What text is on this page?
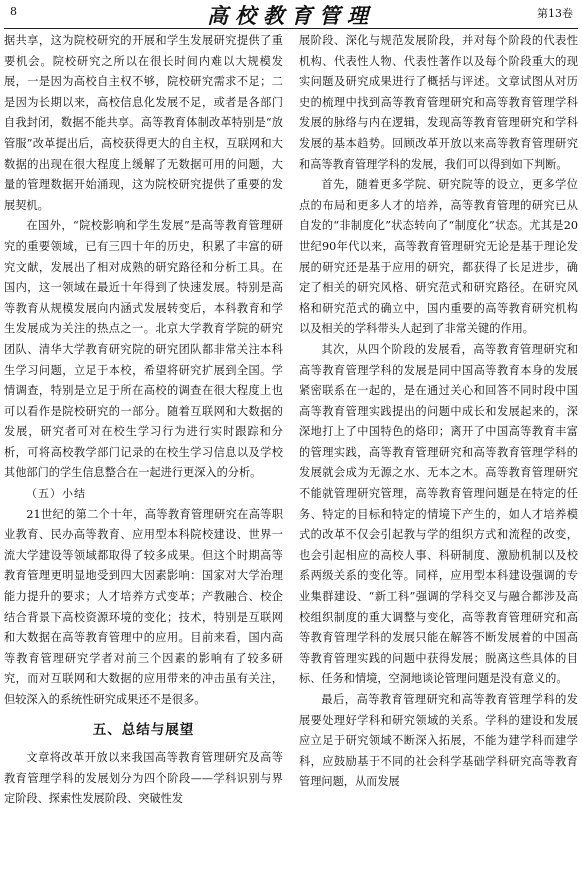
8	高校教育管理	第13卷

据共享，这为院校研究的开展和学生发展研究提供了重要机会。院校研究之所以在很长时间内难以大规模发展，一是因为高校自主权不够，院校研究需求不足；二是因为长期以来，高校信息化发展不足，或者是各部门自我封闭，数据不能共享。高等教育体制改革特别是“放管服”改革提出后，高校获得更大的自主权，互联网和大数据的出现在很大程度上缓解了无数据可用的问题，大量的管理数据开始涌现，这为院校研究提供了重要的发展契机。

在国外，“院校影响和学生发展”是高等教育管理研究的重要领域，已有三四十年的历史，积累了丰富的研究文献，发展出了相对成熟的研究路径和分析工具。在国内，这一领域在最近十年得到了快速发展。特别是高等教育从规模发展向内涵式发展转变后，本科教育和学生发展成为关注的热点之一。北京大学教育学院的研究团队、清华大学教育研究院的研究团队都非常关注本科生学习问题，立足于本校，希望将研究扩展到全国。学情调查，特别是立足于所在高校的调查在很大程度上也可以看作是院校研究的一部分。随着互联网和大数据的发展，研究者可对在校生学习行为进行实时跟踪和分析，可将高校教学部门记录的在校生学习信息以及学校其他部门的学生信息整合在一起进行更深入的分析。

（五）小结

21世纪的第二个十年，高等教育管理研究在高等职业教育、民办高等教育、应用型本科院校建设、世界一流大学建设等领域都取得了较多成果。但这个时期高等教育管理更明显地受到四大因素影响：国家对大学治理能力提升的要求；人才培养方式变革；产教融合、校企结合背景下高校资源环境的变化；技术，特别是互联网和大数据在高等教育管理中的应用。目前来看，国内高等教育管理研究学者对前三个因素的影响有了较多研究，而对互联网和大数据的应用带来的冲击虽有关注，但较深入的系统性研究成果还不是很多。

五、总结与展望

文章将改革开放以来我国高等教育管理研究及高等教育管理学科的发展划分为四个阶段——学科识别与界定阶段、探索性发展阶段、突破性发

展阶段、深化与规范发展阶段，并对每个阶段的代表性机构、代表性人物、代表性著作以及每个阶段重大的现实问题及研究成果进行了概括与评述。文章试图从对历史的梳理中找到高等教育管理研究和高等教育管理学科发展的脉络与内在逻辑，发现高等教育管理研究和学科发展的基本趋势。回顾改革开放以来高等教育管理研究和高等教育管理学科的发展，我们可以得到如下判断。

首先，随着更多学院、研究院等的设立，更多学位点的布局和更多人才的培养，高等教育管理的研究已从自发的“非制度化”状态转向了“制度化”状态。尤其是20世纪90年代以来，高等教育管理研究无论是基于理论发展的研究还是基于应用的研究，都获得了长足进步，确定了相关的研究风格、研究范式和研究路径。在研究风格和研究范式的确立中，国内重要的高等教育研究机构以及相关的学科带头人起到了非常关键的作用。

其次，从四个阶段的发展看，高等教育管理研究和高等教育管理学科的发展是同中国高等教育本身的发展紧密联系在一起的，是在通过关心和回答不同时段中国高等教育管理实践提出的问题中成长和发展起来的，深深地打上了中国特色的烙印；离开了中国高等教育丰富的管理实践，高等教育管理研究和高等教育管理学科的发展就会成为无源之水、无本之木。高等教育管理研究不能就管理研究管理，高等教育管理问题是在特定的任务、特定的目标和特定的情境下产生的，如人才培养模式的改革不仅会引起教与学的组织方式和流程的改变，也会引起相应的高校人事、科研制度、激励机制以及校系两级关系的变化等。同样，应用型本科建设强调的专业集群建设、“新工科”强调的学科交叉与融合都涉及高校组织制度的重大调整与变化，高等教育管理研究和高等教育管理学科的发展只能在解答不断发展着的中国高等教育管理实践的问题中获得发展；脱离这些具体的目标、任务和情境，空洞地谈论管理问题是没有意义的。

最后，高等教育管理研究和高等教育管理学科的发展要处理好学科和研究领域的关系。学科的建设和发展应立足于研究领域不断深入拓展，不能为建学科而建学科，应鼓励基于不同的社会科学基础学科研究高等教育管理问题，从而发展
